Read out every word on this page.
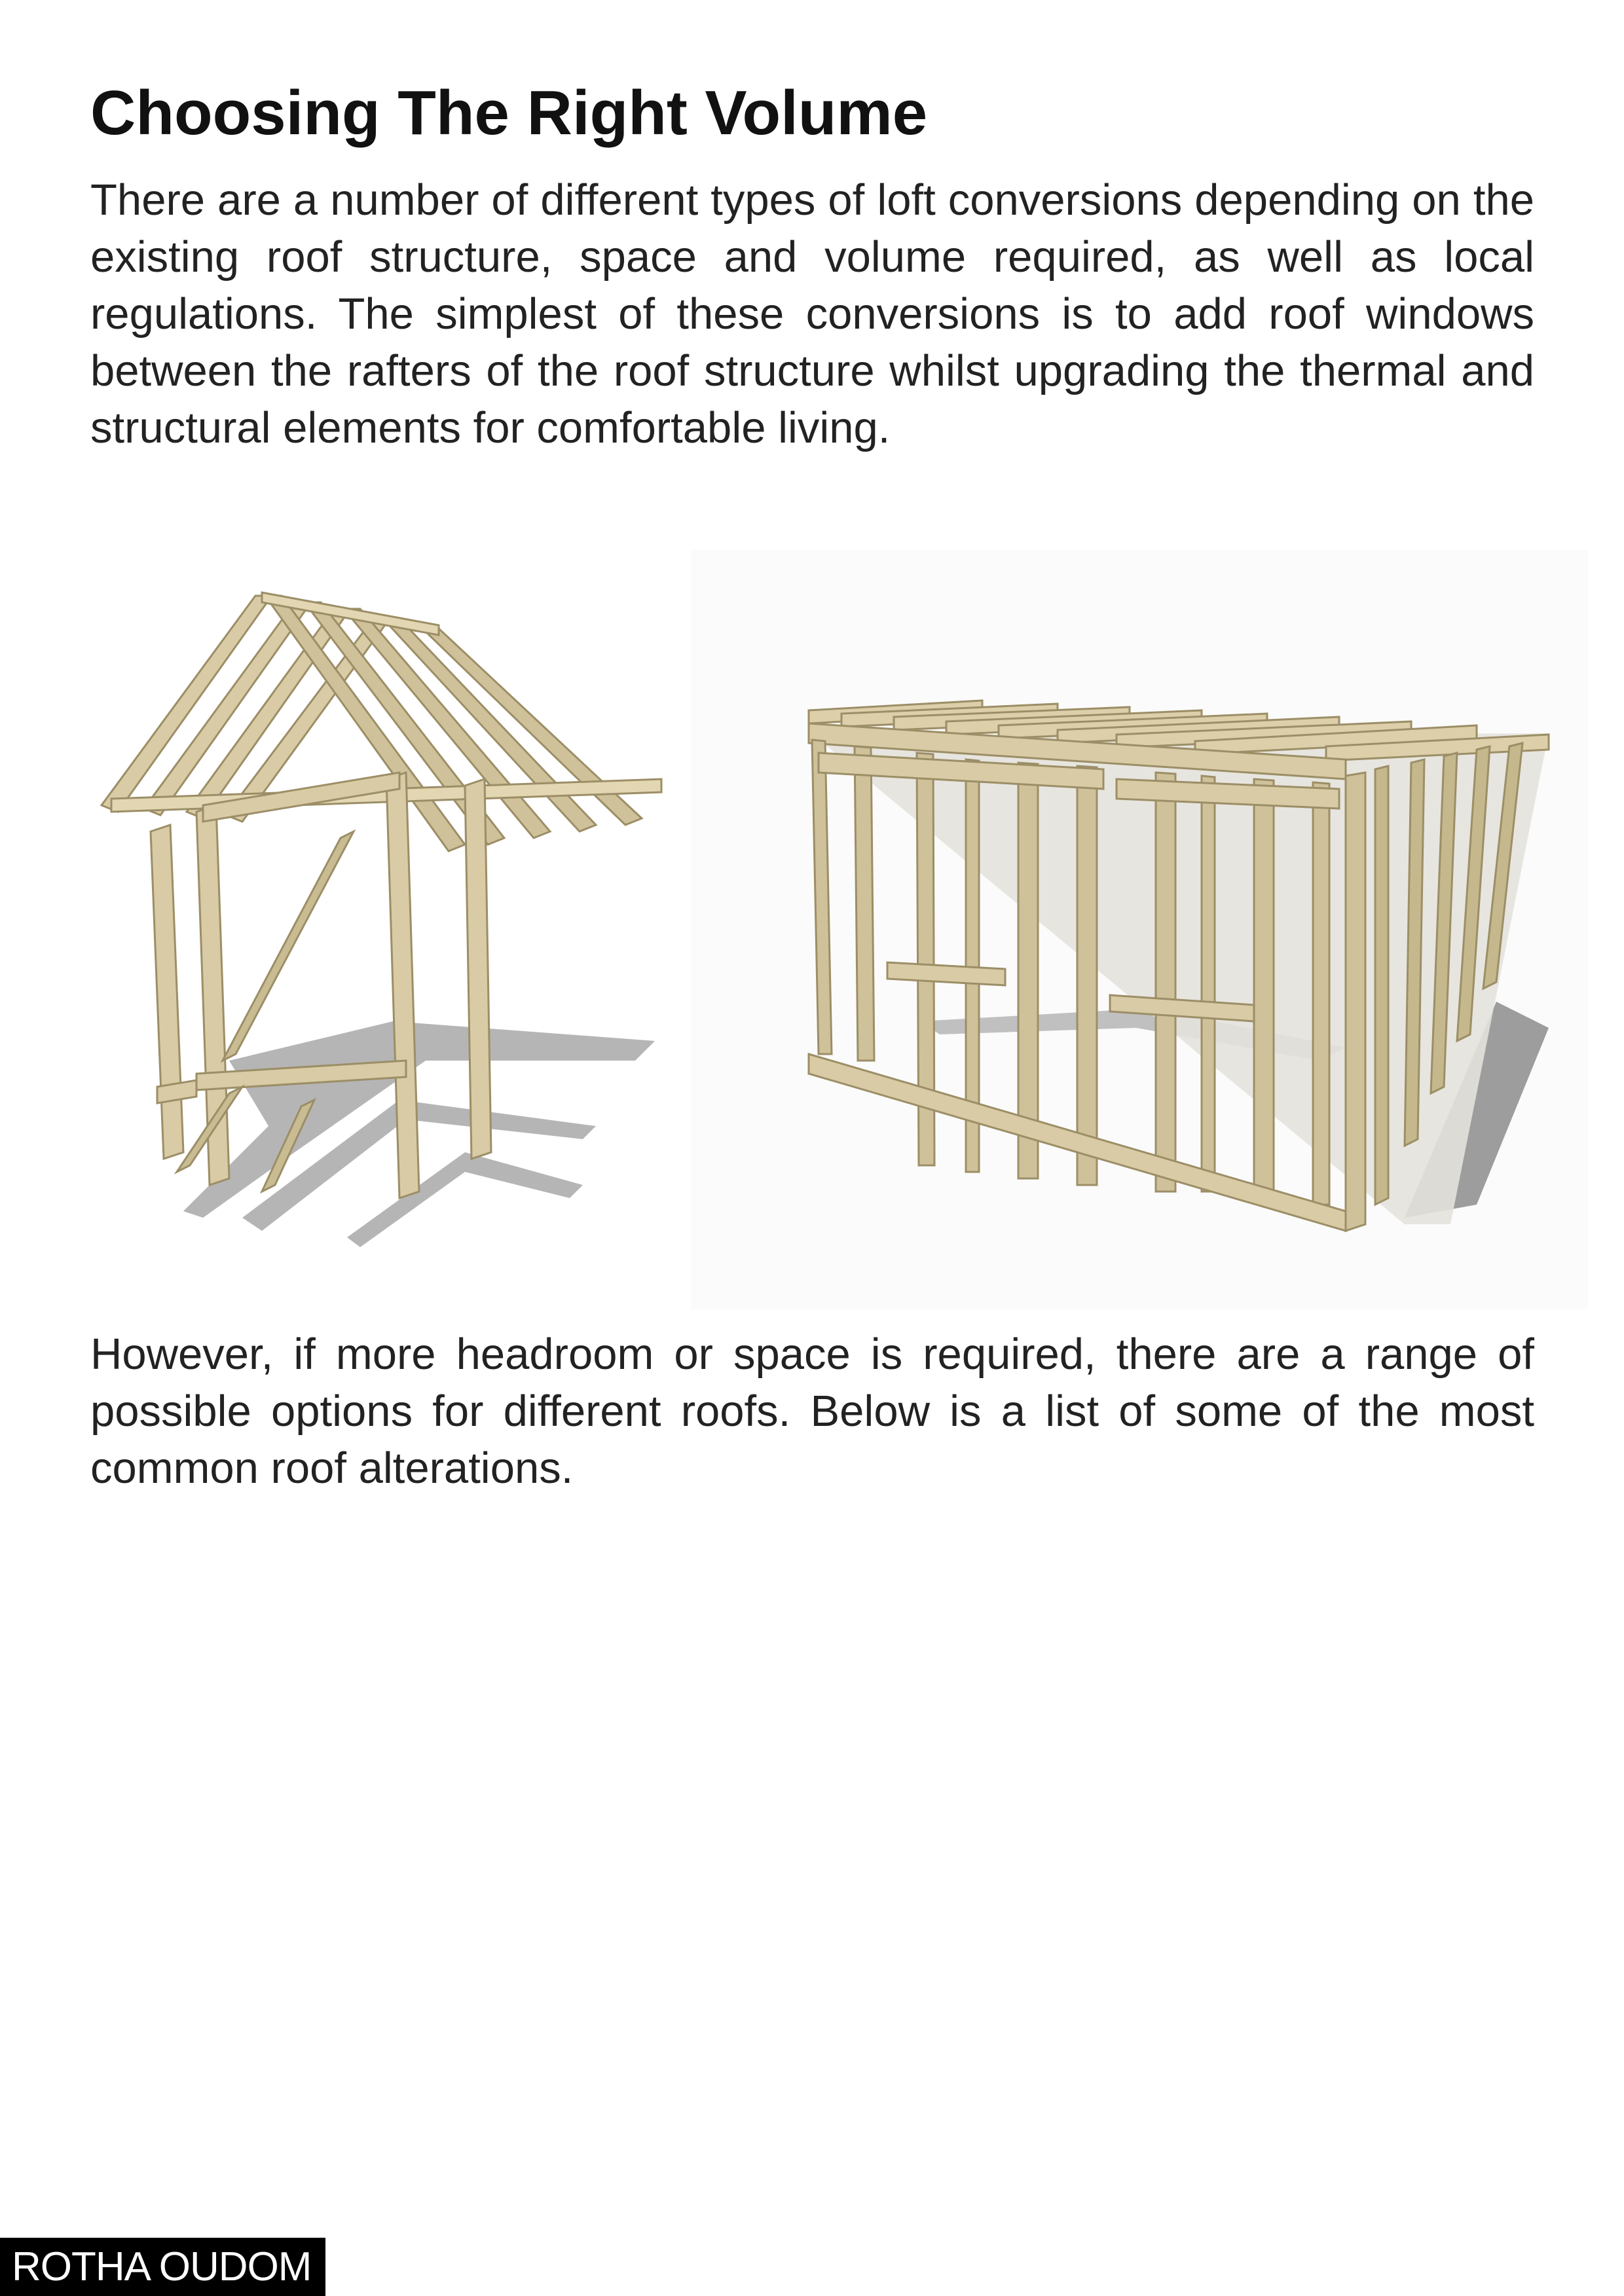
Choosing The Right Volume

There are a number of different types of loft conversions depending on the existing roof structure, space and volume required, as well as local regulations. The simplest of these conversions is to add roof windows between the rafters of the roof structure whilst upgrading the thermal and structural elements for comfortable living.

However, if more headroom or space is required, there are a range of possible options for different roofs. Below is a list of some of the most common roof alterations.

ROTHA OUDOM
